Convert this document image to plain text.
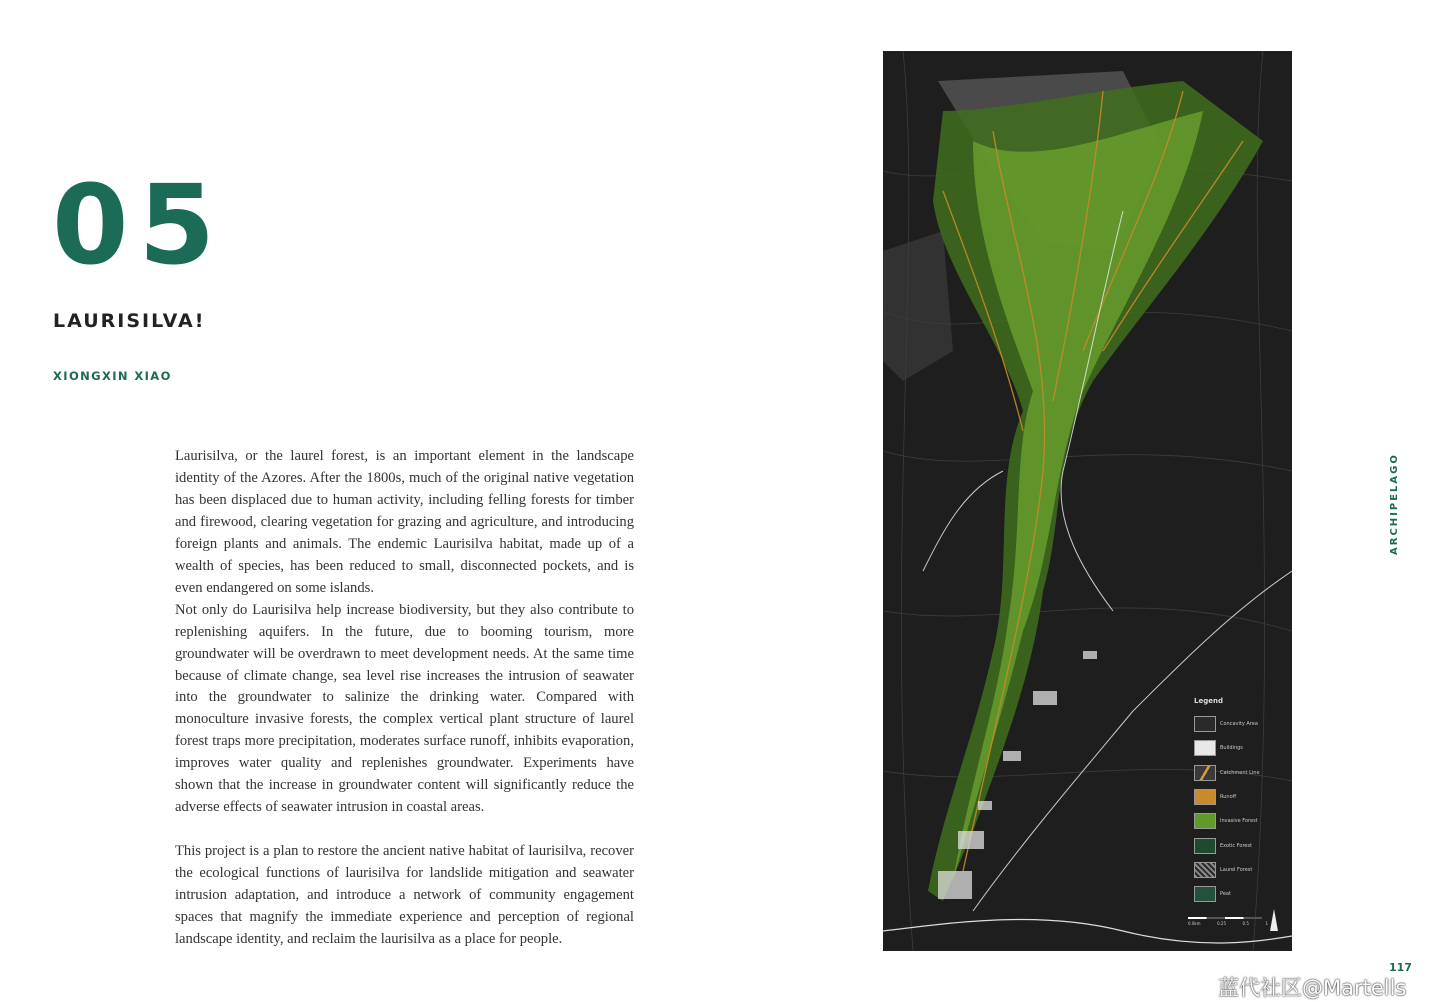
05
LAURISILVA!
XIONGXIN XIAO

Laurisilva, or the laurel forest, is an important element in the landscape identity of the Azores. After the 1800s, much of the original native vegetation has been displaced due to human activity, including felling forests for timber and firewood, clearing vegetation for grazing and agriculture, and introducing foreign plants and animals. The endemic Laurisilva habitat, made up of a wealth of species, has been reduced to small, disconnected pockets, and is even endangered on some islands.

Not only do Laurisilva help increase biodiversity, but they also contribute to replenishing aquifers. In the future, due to booming tourism, more groundwater will be overdrawn to meet development needs. At the same time because of climate change, sea level rise increases the intrusion of seawater into the groundwater to salinize the drinking water. Compared with monoculture invasive forests, the complex vertical plant structure of laurel forest traps more precipitation, moderates surface runoff, inhibits evaporation, improves water quality and replenishes groundwater. Experiments have shown that the increase in groundwater content will significantly reduce the adverse effects of seawater intrusion in coastal areas.

This project is a plan to restore the ancient native habitat of laurisilva, recover the ecological functions of laurisilva for landslide mitigation and seawater intrusion adaptation, and introduce a network of community engagement spaces that magnify the immediate experience and perception of regional landscape identity, and reclaim the laurisilva as a place for people.

Legend
Concavity Area
Buildings
Catchment Line
Runoff
Invasive Forest
Exotic Forest
Laurel Forest
Peat
0.0km	0.25	0.5	1
ARCHIPELAGO
117
蓝代社区@Martells
